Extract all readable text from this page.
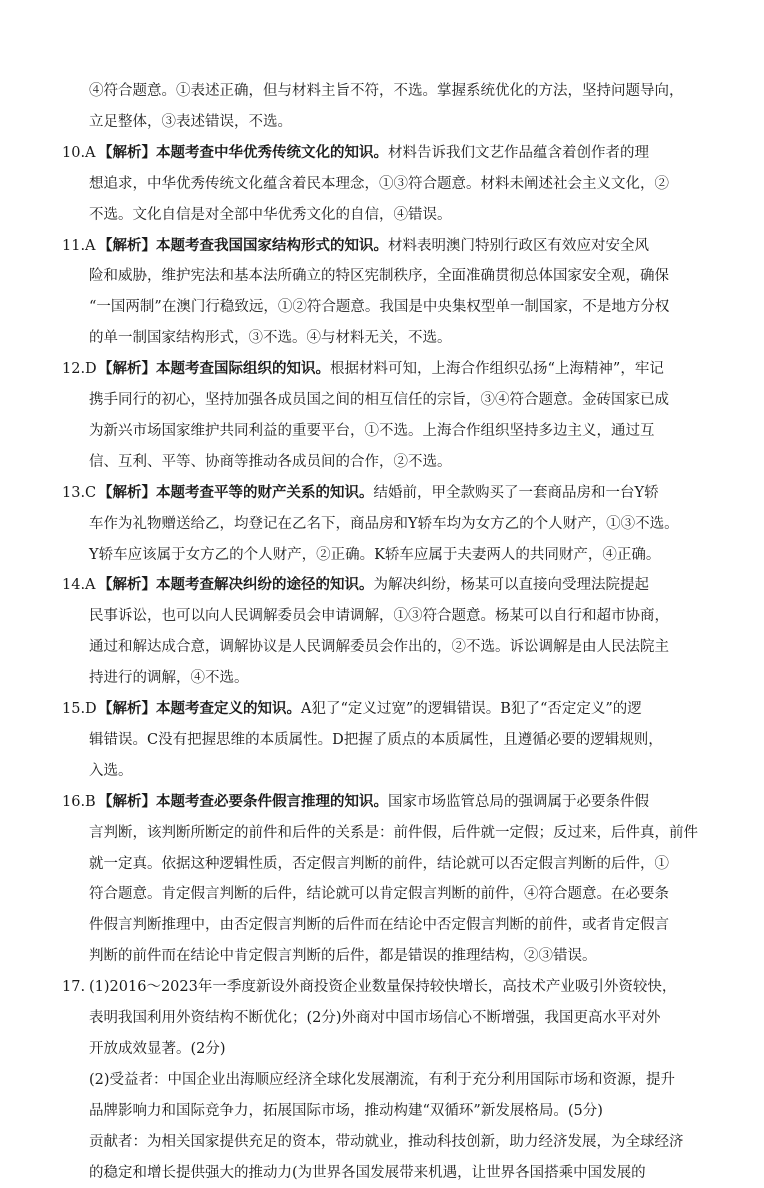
④符合题意。①表述正确，但与材料主旨不符，不选。掌握系统优化的方法，坚持问题导向，
立足整体，③表述错误，不选。
10.A 【解析】本题考查中华优秀传统文化的知识。材料告诉我们文艺作品蕴含着创作者的理
想追求，中华优秀传统文化蕴含着民本理念，①③符合题意。材料未阐述社会主义文化，②
不选。文化自信是对全部中华优秀文化的自信，④错误。
11.A 【解析】本题考查我国国家结构形式的知识。材料表明澳门特别行政区有效应对安全风
险和威胁，维护宪法和基本法所确立的特区宪制秩序，全面准确贯彻总体国家安全观，确保
“一国两制”在澳门行稳致远，①②符合题意。我国是中央集权型单一制国家，不是地方分权
的单一制国家结构形式，③不选。④与材料无关，不选。
12.D 【解析】本题考查国际组织的知识。根据材料可知，上海合作组织弘扬“上海精神”，牢记
携手同行的初心，坚持加强各成员国之间的相互信任的宗旨，③④符合题意。金砖国家已成
为新兴市场国家维护共同利益的重要平台，①不选。上海合作组织坚持多边主义，通过互
信、互利、平等、协商等推动各成员间的合作，②不选。
13.C 【解析】本题考查平等的财产关系的知识。结婚前，甲全款购买了一套商品房和一台Y轿
车作为礼物赠送给乙，均登记在乙名下，商品房和Y轿车均为女方乙的个人财产，①③不选。
Y轿车应该属于女方乙的个人财产，②正确。K轿车应属于夫妻两人的共同财产，④正确。
14.A 【解析】本题考查解决纠纷的途径的知识。为解决纠纷，杨某可以直接向受理法院提起
民事诉讼，也可以向人民调解委员会申请调解，①③符合题意。杨某可以自行和超市协商，
通过和解达成合意，调解协议是人民调解委员会作出的，②不选。诉讼调解是由人民法院主
持进行的调解，④不选。
15.D 【解析】本题考查定义的知识。A犯了“定义过宽”的逻辑错误。B犯了“否定定义”的逻
辑错误。C没有把握思维的本质属性。D把握了质点的本质属性，且遵循必要的逻辑规则，
入选。
16.B 【解析】本题考查必要条件假言推理的知识。国家市场监管总局的强调属于必要条件假
言判断，该判断所断定的前件和后件的关系是：前件假，后件就一定假；反过来，后件真，前件
就一定真。依据这种逻辑性质，否定假言判断的前件，结论就可以否定假言判断的后件，①
符合题意。肯定假言判断的后件，结论就可以肯定假言判断的前件，④符合题意。在必要条
件假言判断推理中，由否定假言判断的后件而在结论中否定假言判断的前件，或者肯定假言
判断的前件而在结论中肯定假言判断的后件，都是错误的推理结构，②③错误。
17. (1)2016～2023年一季度新设外商投资企业数量保持较快增长，高技术产业吸引外资较快，
表明我国利用外资结构不断优化；(2分)外商对中国市场信心不断增强，我国更高水平对外
开放成效显著。(2分)
(2)受益者：中国企业出海顺应经济全球化发展潮流，有利于充分利用国际市场和资源，提升
品牌影响力和国际竞争力，拓展国际市场，推动构建“双循环”新发展格局。(5分)
贡献者：为相关国家提供充足的资本，带动就业，推动科技创新，助力经济发展，为全球经济
的稳定和增长提供强大的推动力(为世界各国发展带来机遇，让世界各国搭乘中国发展的
